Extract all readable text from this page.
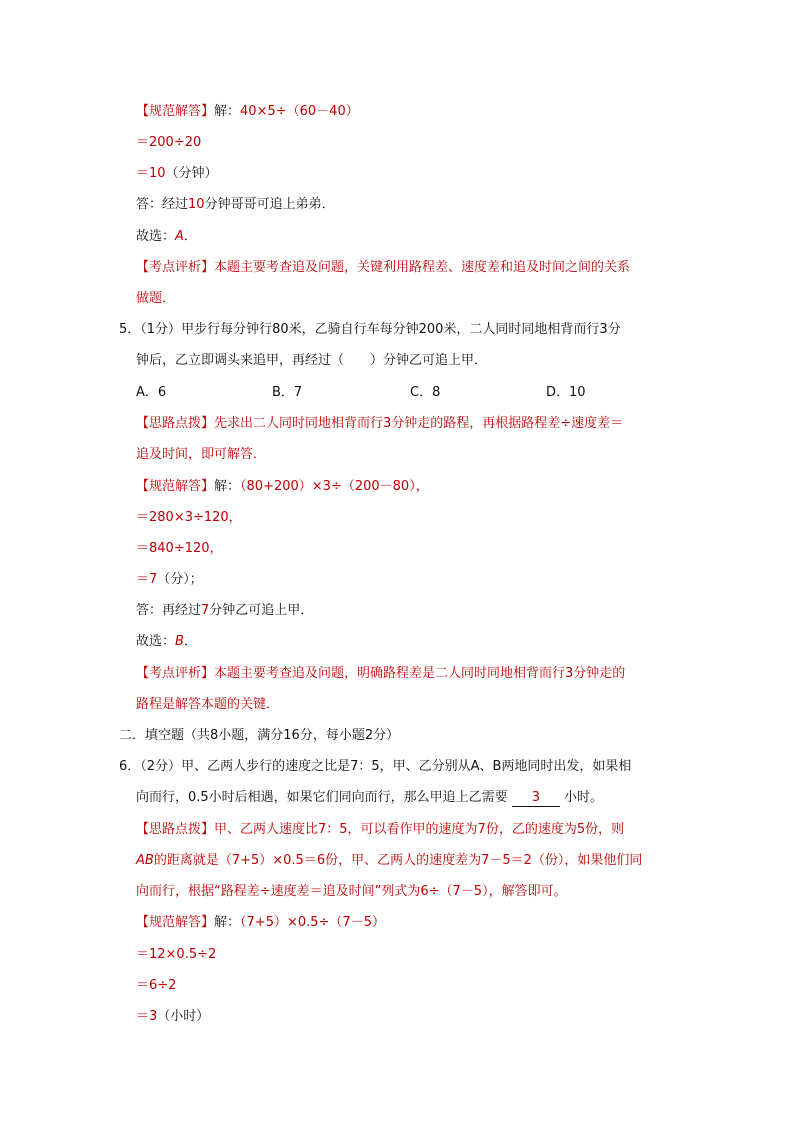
【规范解答】解：40×5÷（60－40）
＝200÷20
＝10（分钟）
答：经过10分钟哥哥可追上弟弟．
故选：A．
【考点评析】本题主要考查追及问题，关键利用路程差、速度差和追及时间之间的关系
做题．
5．（1分）甲步行每分钟行80米，乙骑自行车每分钟200米，二人同时同地相背而行3分
钟后，乙立即调头来追甲，再经过（　　）分钟乙可追上甲．
A．6	B．7	C．8	D．10
【思路点拨】先求出二人同时同地相背而行3分钟走的路程，再根据路程差÷速度差＝
追及时间，即可解答．
【规范解答】解：（80+200）×3÷（200－80），
＝280×3÷120，
＝840÷120，
＝7（分）；
答：再经过7分钟乙可追上甲．
故选：B．
【考点评析】本题主要考查追及问题，明确路程差是二人同时同地相背而行3分钟走的
路程是解答本题的关键．
二．填空题（共8小题，满分16分，每小题2分）
6．（2分）甲、乙两人步行的速度之比是7：5，甲、乙分别从A、B两地同时出发，如果相
向而行，0.5小时后相遇，如果它们同向而行，那么甲追上乙需要 3 小时。
【思路点拨】甲、乙两人速度比7：5，可以看作甲的速度为7份，乙的速度为5份，则
AB的距离就是（7+5）×0.5＝6份，甲、乙两人的速度差为7－5＝2（份），如果他们同
向而行，根据“路程差÷速度差＝追及时间”列式为6÷（7－5），解答即可。
【规范解答】解：（7+5）×0.5÷（7－5）
＝12×0.5÷2
＝6÷2
＝3（小时）
